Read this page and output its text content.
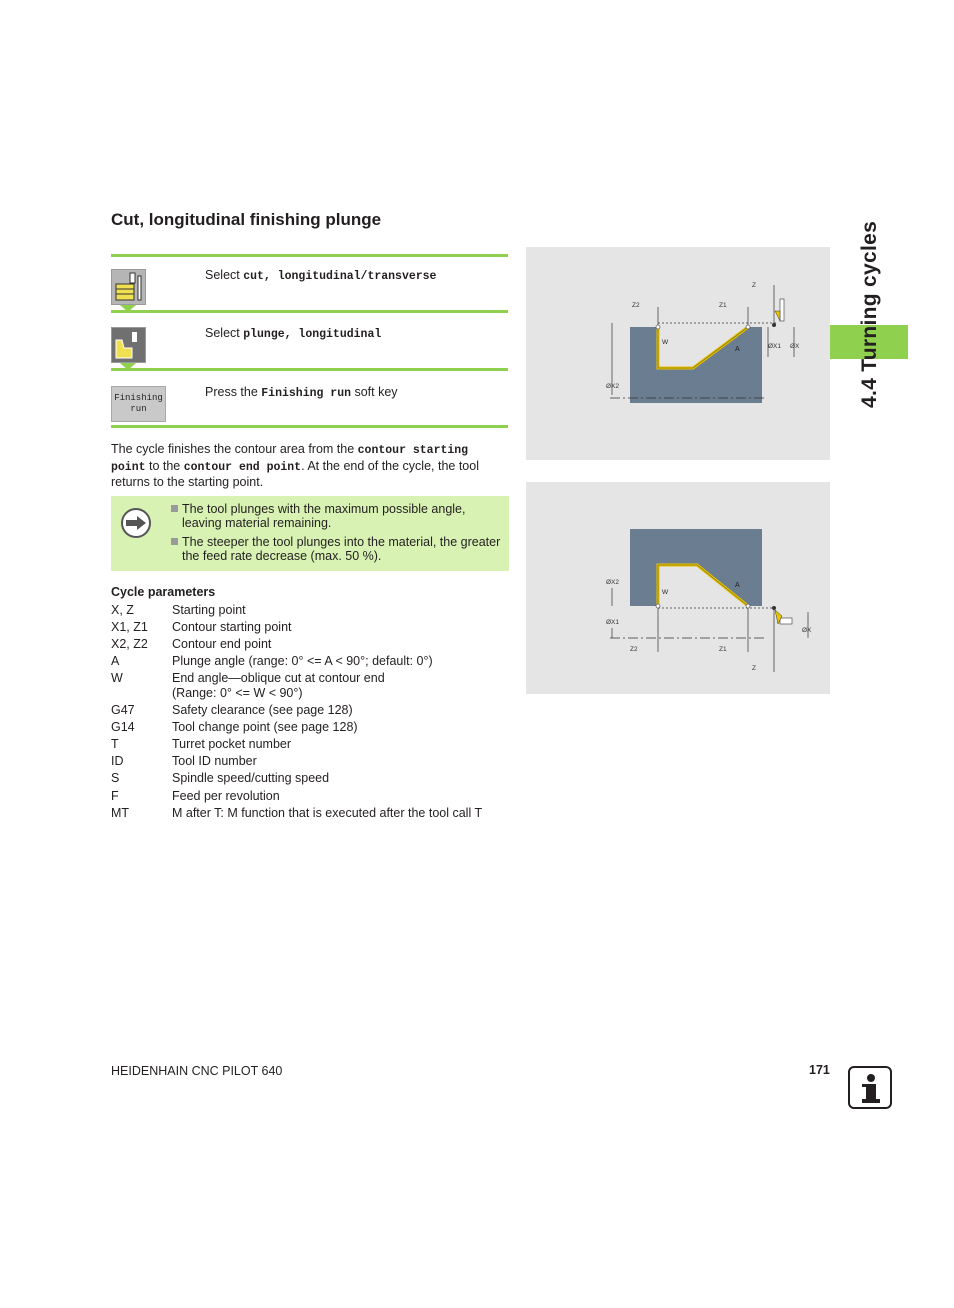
Cut, longitudinal finishing plunge
Select cut, longitudinal/transverse
Select plunge, longitudinal
Finishing run
Press the Finishing run soft key
The cycle finishes the contour area from the contour starting point to the contour end point. At the end of the cycle, the tool returns to the starting point.
The tool plunges with the maximum possible angle, leaving material remaining.
The steeper the tool plunges into the material, the greater the feed rate decrease (max. 50 %).
Cycle parameters
X, Z	Starting point
X1, Z1	Contour starting point
X2, Z2	Contour end point
A	Plunge angle (range: 0° <= A < 90°; default: 0°)
W	End angle—oblique cut at contour end
(Range: 0° <= W < 90°)
G47	Safety clearance (see page 128)
G14	Tool change point (see page 128)
T	Turret pocket number
ID	Tool ID number
S	Spindle speed/cutting speed
F	Feed per revolution
MT	M after T: M function that is executed after the tool call T
Z
Z1
Z2
ØX1 ØX
ØX2
A
W
ØX2
ØX1
ØX
Z2	Z1
Z
A
W
4.4 Turning cycles
HEIDENHAIN CNC PILOT 640	171
